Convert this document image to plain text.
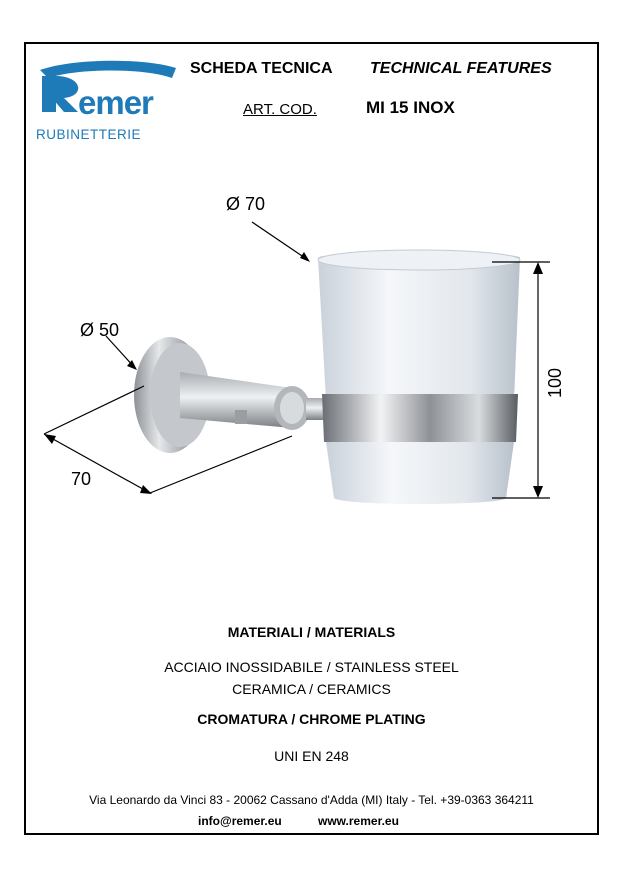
emer
RUBINETTERIE
SCHEDA TECNICA TECHNICAL FEATURES
ART. COD.	MI 15 INOX
Ø 70
Ø 50
70
100
MATERIALI / MATERIALS
ACCIAIO INOSSIDABILE / STAINLESS STEEL
CERAMICA / CERAMICS
CROMATURA / CHROME PLATING
UNI EN 248
Via Leonardo da Vinci 83 - 20062 Cassano d'Adda (MI) Italy - Tel. +39-0363 364211
info@remer.eu	www.remer.eu
